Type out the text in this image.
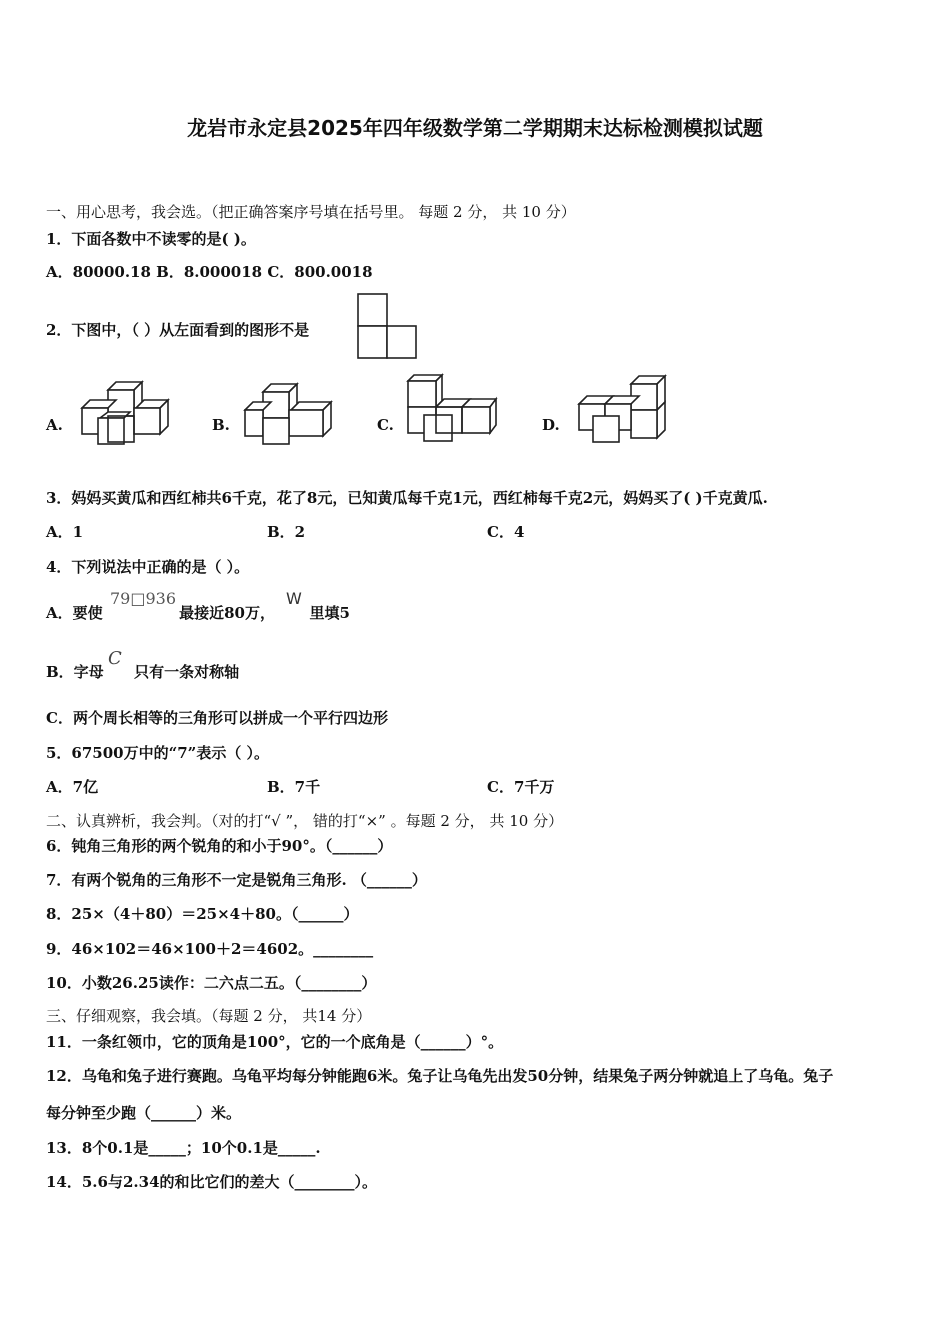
龙岩市永定县2025年四年级数学第二学期期末达标检测模拟试题
一、用心思考，我会选。（把正确答案序号填在括号里。 每题 2 分， 共 10 分）
1．下面各数中不读零的是( )。
A．80000.18 B．8.000018 C．800.0018
2．下图中，（ ）从左面看到的图形不是
A.	B.	C.	D.
3．妈妈买黄瓜和西红柿共6千克，花了8元，已知黄瓜每千克1元，西红柿每千克2元，妈妈买了( )千克黄瓜.
A．1	B．2	C．4
4．下列说法中正确的是（ ）。
A．要使	最接近80万， 里填5
79□936	W
B．字母 只有一条对称轴
C
C．两个周长相等的三角形可以拼成一个平行四边形
5．67500万中的“7”表示（ ）。
A．7亿	B．7千	C．7千万
二、认真辨析，我会判。（对的打“√ ”， 错的打“×” 。每题 2 分， 共 10 分）
6．钝角三角形的两个锐角的和小于90°。（______）
7．有两个锐角的三角形不一定是锐角三角形. （______）
8．25×（4＋80）＝25×4＋80。（______）
9．46×102＝46×100＋2＝4602。________
10．小数26.25读作：二六点二五。（________）
三、仔细观察，我会填。（每题 2 分， 共14 分）
11．一条红领巾，它的顶角是100°，它的一个底角是（______）°。
12．乌龟和兔子进行赛跑。乌龟平均每分钟能跑6米。兔子让乌龟先出发50分钟，结果兔子两分钟就追上了乌龟。兔子
每分钟至少跑（______）米。
13．8个0.1是_____；10个0.1是_____.
14．5.6与2.34的和比它们的差大（________）。
